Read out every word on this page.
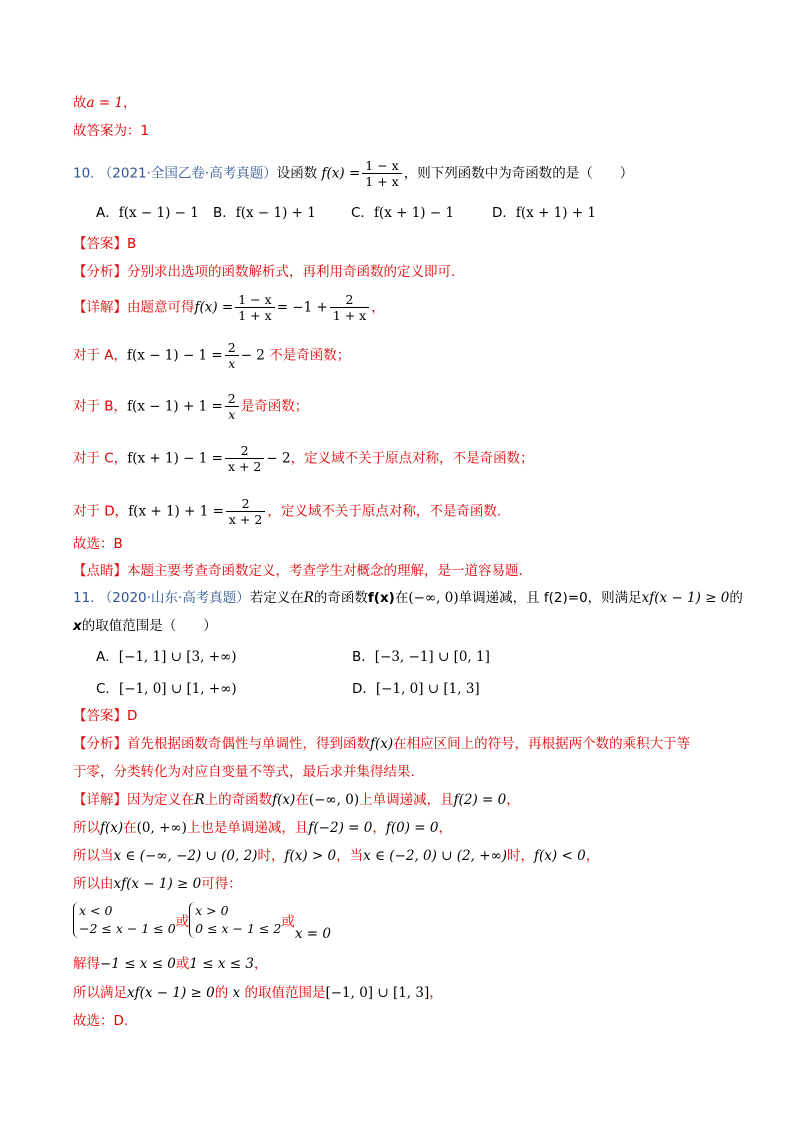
故a = 1，
故答案为：1
10. （2021·全国乙卷·高考真题）设函数 $f(x) = \frac{1 - x}{1 + x}$ ，则下列函数中为奇函数的是（　　）
A．f(x − 1) − 1 B．f(x − 1) + 1	C．f(x + 1) − 1	D．f(x + 1) + 1
【答案】B
【分析】分别求出选项的函数解析式，再利用奇函数的定义即可.
【详解】由题意可得$f(x) = \frac{1 - x}{1 + x} = -1 + \frac{2}{1 + x}$ ，
对于 A，$f(x - 1) - 1 = \frac{2}{x} - 2$ 不是奇函数；
对于 B，$f(x - 1) + 1 = \frac{2}{x}$ 是奇函数；
对于 C，$f(x + 1) - 1 = \frac{2}{x + 2} - 2$，定义域不关于原点对称，不是奇函数；
对于 D，$f(x + 1) + 1 = \frac{2}{x + 2}$ ，定义域不关于原点对称，不是奇函数.
故选：B
【点睛】本题主要考查奇函数定义，考查学生对概念的理解，是一道容易题.
11. （2020·山东·高考真题）若定义在R的奇函数f(x)在(−∞, 0)单调递减，且 f(2)=0，则满足xf(x − 1) ≥ 0的
x的取值范围是（　　）
A．[−1, 1] ∪ [3, +∞)	B．[−3, −1] ∪ [0, 1]
C．[−1, 0] ∪ [1, +∞)	D．[−1, 0] ∪ [1, 3]
【答案】D
【分析】首先根据函数奇偶性与单调性，得到函数f(x)在相应区间上的符号，再根据两个数的乘积大于等
于零，分类转化为对应自变量不等式，最后求并集得结果.
【详解】因为定义在R上的奇函数f(x)在(−∞, 0)上单调递减，且f(2) = 0，
所以f(x)在(0, +∞)上也是单调递减，且f(−2) = 0，f(0) = 0，
所以当x ∈ (−∞, −2) ∪ (0, 2)时，f(x) > 0，当x ∈ (−2, 0) ∪ (2, +∞)时，f(x) < 0，
所以由xf(x − 1) ≥ 0可得：
x < 0
−2 ≤ x − 1 ≤ 0 或
x > 0
0 ≤ x − 1 ≤ 2 或x = 0
解得−1 ≤ x ≤ 0或1 ≤ x ≤ 3，
所以满足xf(x − 1) ≥ 0的 x 的取值范围是[−1, 0] ∪ [1, 3]，
故选：D.
